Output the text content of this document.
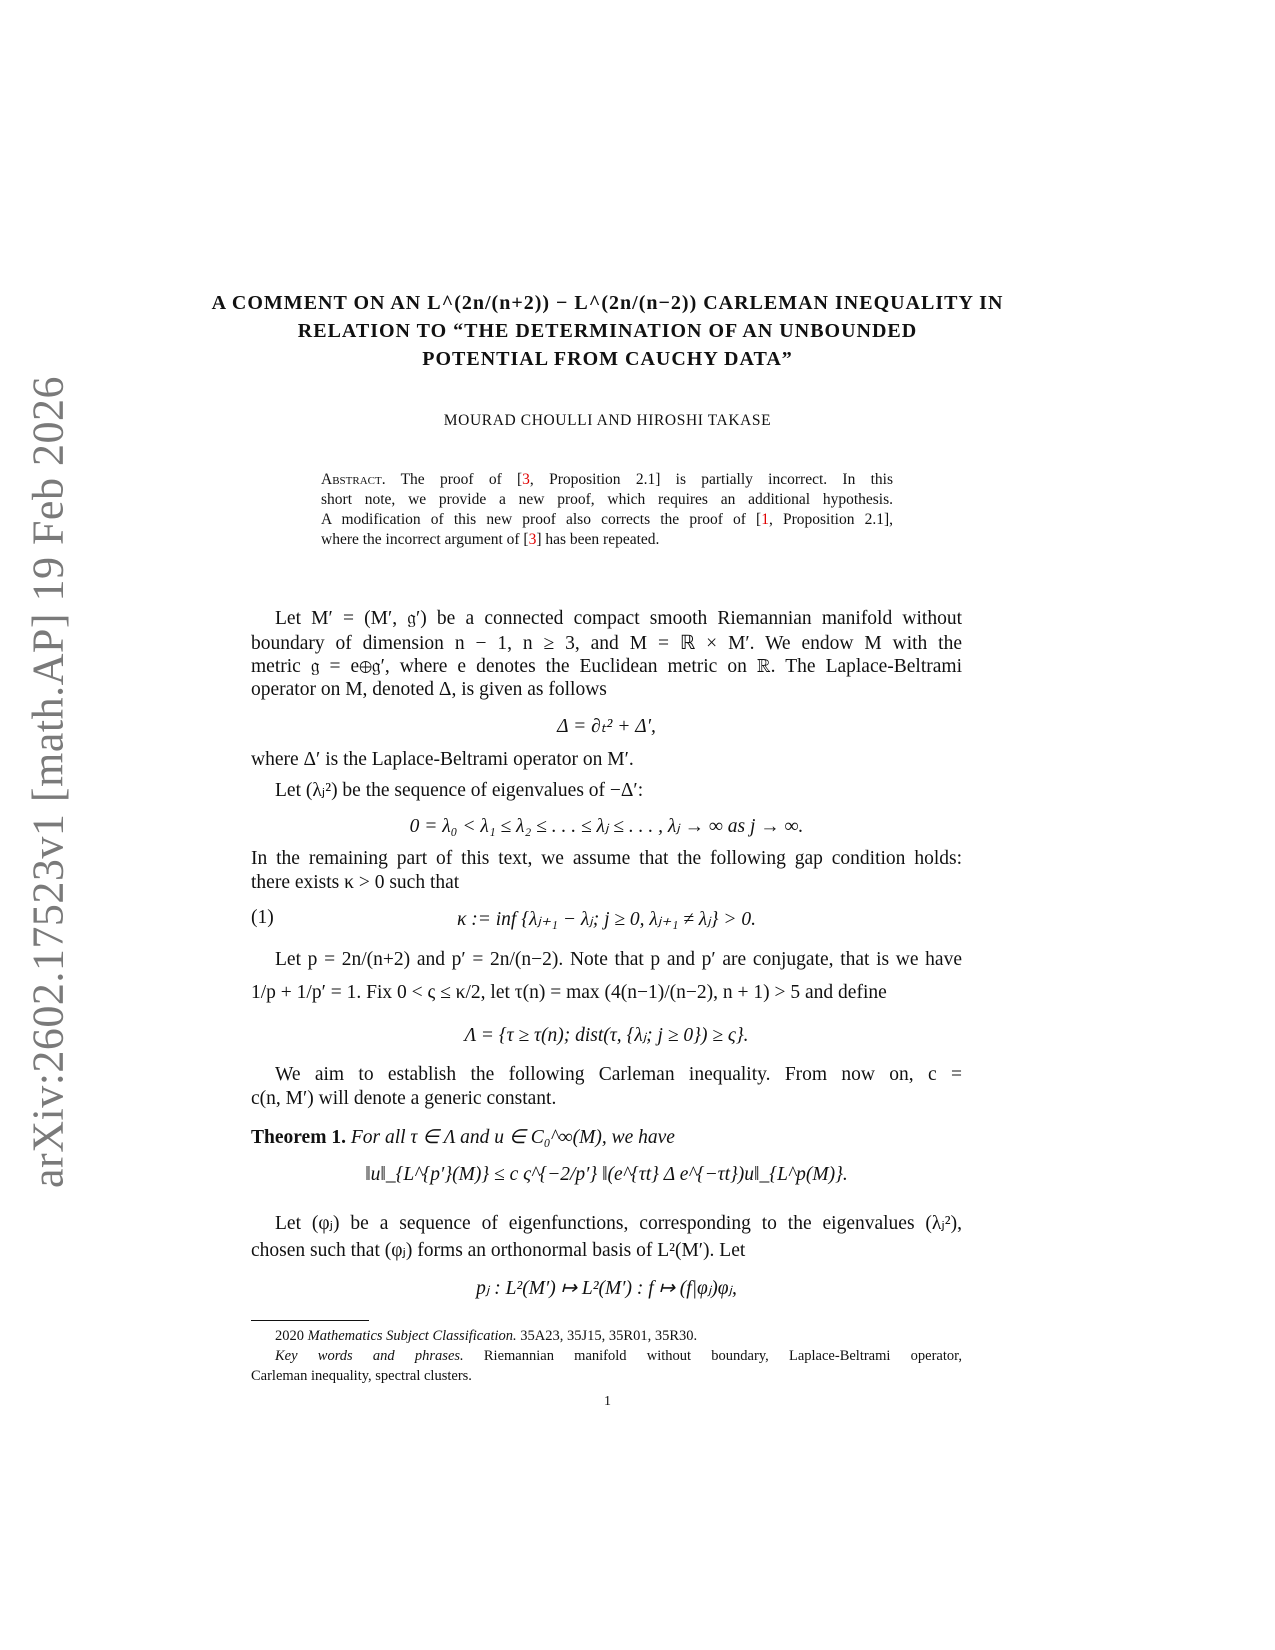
arXiv:2602.17523v1 [math.AP] 19 Feb 2026
A COMMENT ON AN L^(2n/(n+2)) − L^(2n/(n−2)) CARLEMAN INEQUALITY IN
RELATION TO “THE DETERMINATION OF AN UNBOUNDED
POTENTIAL FROM CAUCHY DATA”
MOURAD CHOULLI AND HIROSHI TAKASE
Abstract. The proof of [3, Proposition 2.1] is partially incorrect. In this
short note, we provide a new proof, which requires an additional hypothesis.
A modification of this new proof also corrects the proof of [1, Proposition 2.1],
where the incorrect argument of [3] has been repeated.
Let M′ = (M′, 𝔤′) be a connected compact smooth Riemannian manifold without
boundary of dimension n − 1, n ≥ 3, and M = ℝ × M′. We endow M with the
metric 𝔤 = e⊕𝔤′, where e denotes the Euclidean metric on ℝ. The Laplace-Beltrami
operator on M, denoted Δ, is given as follows
Δ = ∂ₜ² + Δ′,
where Δ′ is the Laplace-Beltrami operator on M′.
Let (λⱼ²) be the sequence of eigenvalues of −Δ′:
0 = λ₀ < λ₁ ≤ λ₂ ≤ . . . ≤ λⱼ ≤ . . . , λⱼ → ∞ as j → ∞.
In the remaining part of this text, we assume that the following gap condition holds:
there exists κ > 0 such that
(1)	κ := inf {λⱼ₊₁ − λⱼ; j ≥ 0, λⱼ₊₁ ≠ λⱼ} > 0.
Let p = 2n/(n+2) and p′ = 2n/(n−2). Note that p and p′ are conjugate, that is we have
1/p + 1/p′ = 1. Fix 0 < ς ≤ κ/2, let τ(n) = max (4(n−1)/(n−2), n + 1) > 5 and define
Λ = {τ ≥ τ(n); dist(τ, {λⱼ; j ≥ 0}) ≥ ς}.
We aim to establish the following Carleman inequality. From now on, c =
c(n, M′) will denote a generic constant.
Theorem 1. For all τ ∈ Λ and u ∈ C₀^∞(M), we have
‖u‖_{L^{p′}(M)} ≤ c ς^{−2/p′} ‖(e^{τt} Δ e^{−τt})u‖_{L^p(M)}.
Let (φⱼ) be a sequence of eigenfunctions, corresponding to the eigenvalues (λⱼ²),
chosen such that (φⱼ) forms an orthonormal basis of L²(M′). Let
pⱼ : L²(M′) ↦ L²(M′) : f ↦ (f|φⱼ)φⱼ,
2020 Mathematics Subject Classification. 35A23, 35J15, 35R01, 35R30.
Key words and phrases. Riemannian manifold without boundary, Laplace-Beltrami operator,
Carleman inequality, spectral clusters.
1
